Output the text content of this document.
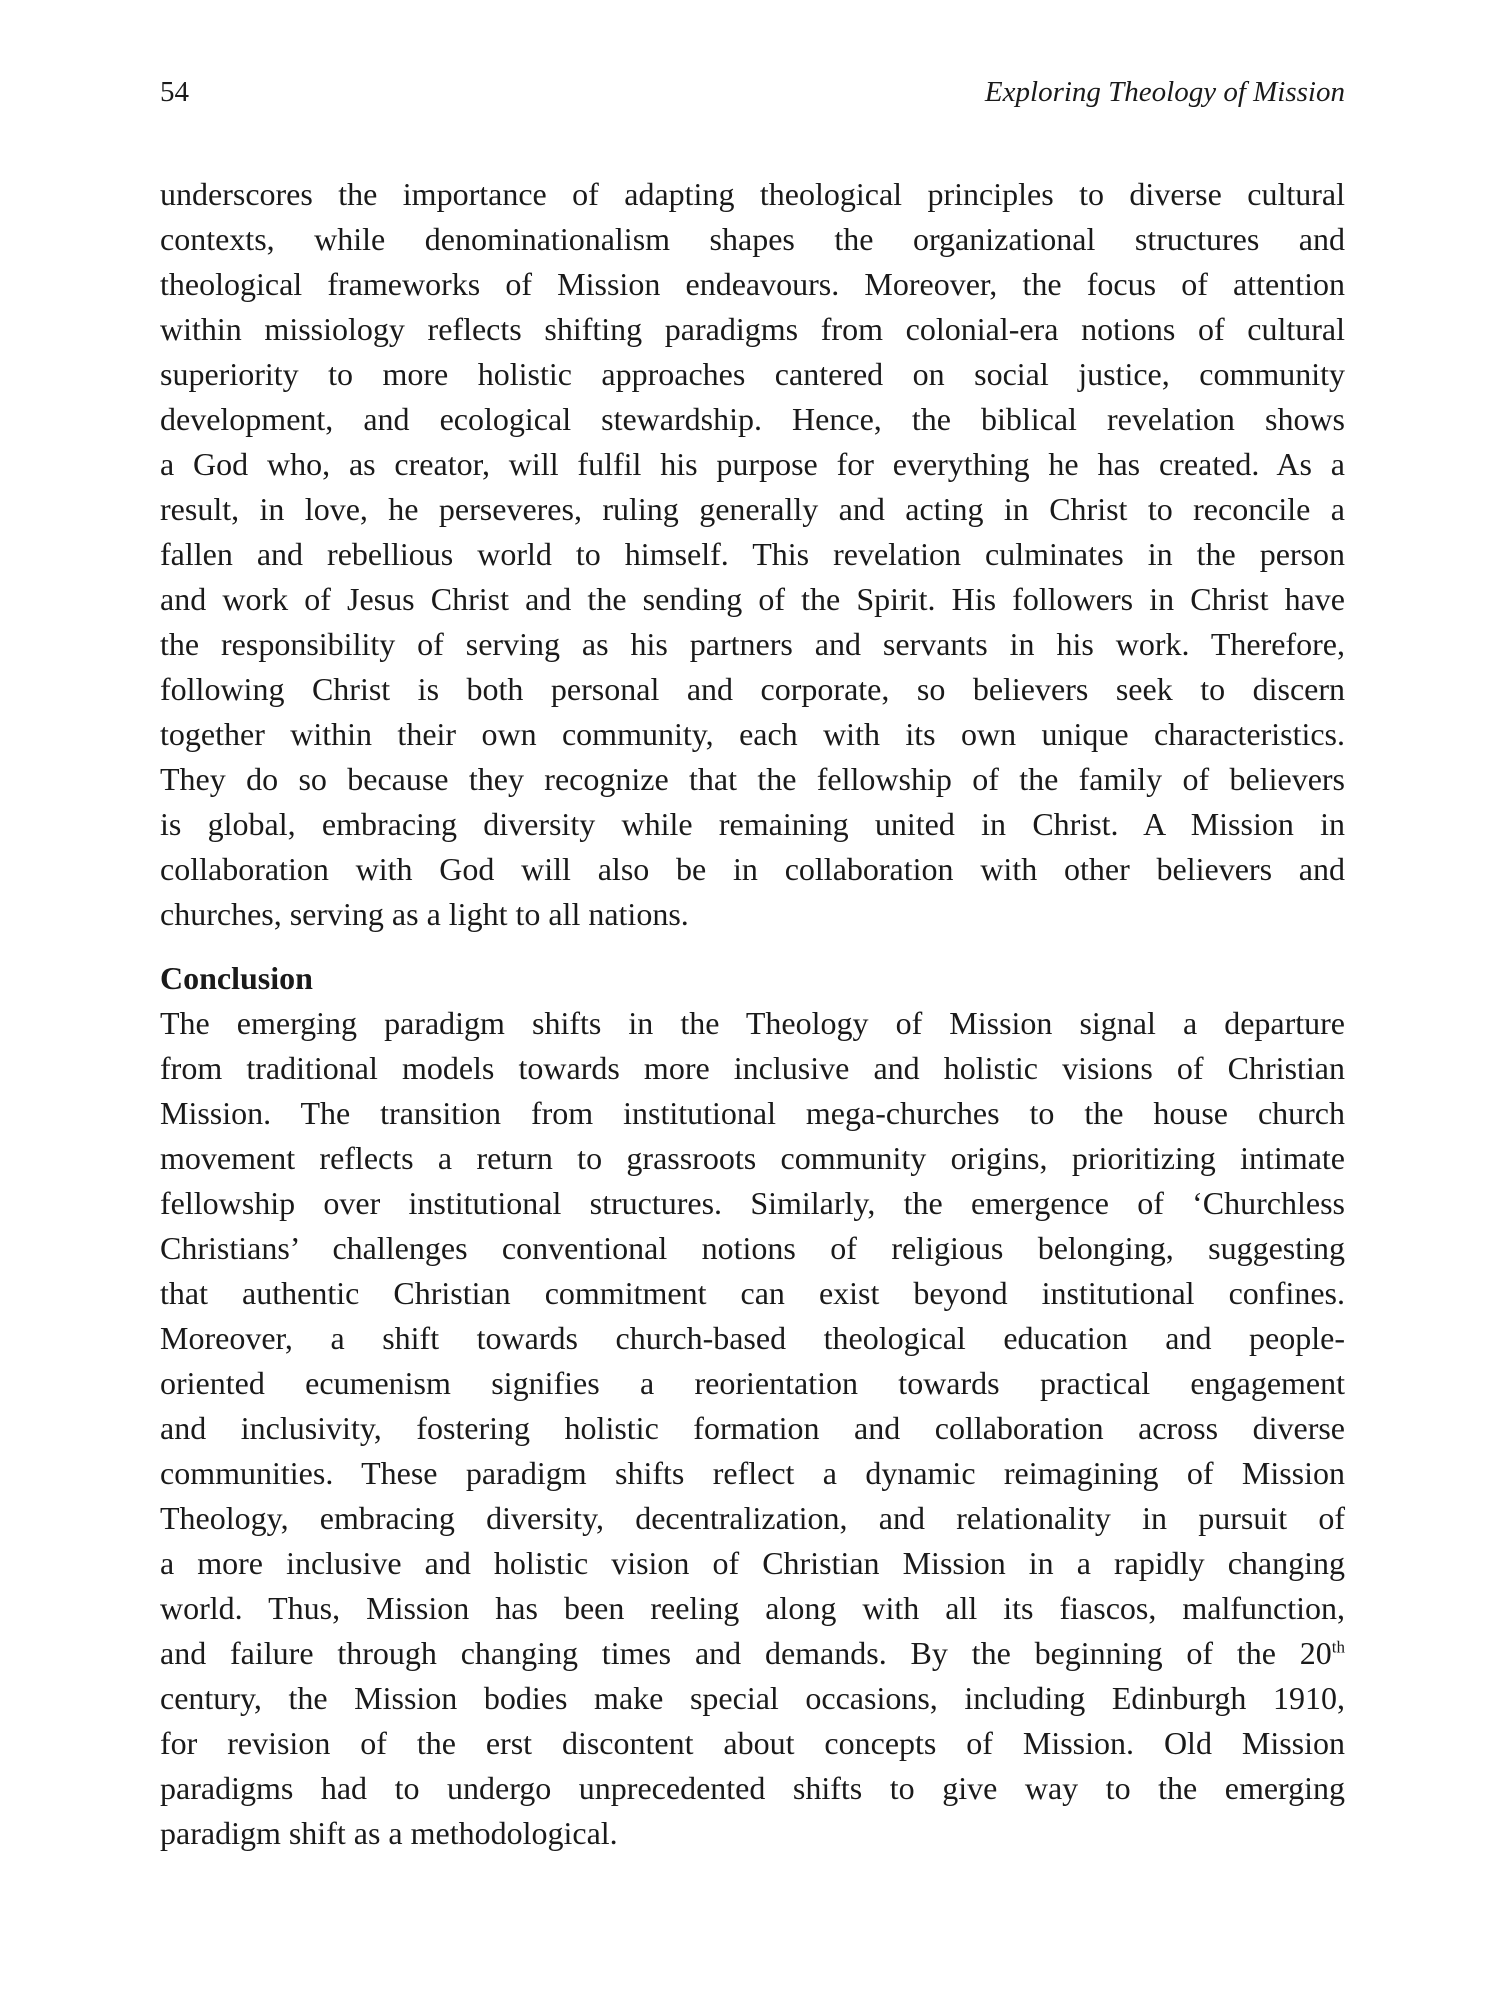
54	Exploring Theology of Mission
underscores the importance of adapting theological principles to diverse cultural
contexts, while denominationalism shapes the organizational structures and
theological frameworks of Mission endeavours. Moreover, the focus of attention
within missiology reflects shifting paradigms from colonial-era notions of cultural
superiority to more holistic approaches cantered on social justice, community
development, and ecological stewardship. Hence, the biblical revelation shows
a God who, as creator, will fulfil his purpose for everything he has created. As a
result, in love, he perseveres, ruling generally and acting in Christ to reconcile a
fallen and rebellious world to himself. This revelation culminates in the person
and work of Jesus Christ and the sending of the Spirit. His followers in Christ have
the responsibility of serving as his partners and servants in his work. Therefore,
following Christ is both personal and corporate, so believers seek to discern
together within their own community, each with its own unique characteristics.
They do so because they recognize that the fellowship of the family of believers
is global, embracing diversity while remaining united in Christ. A Mission in
collaboration with God will also be in collaboration with other believers and
churches, serving as a light to all nations.
Conclusion
The emerging paradigm shifts in the Theology of Mission signal a departure
from traditional models towards more inclusive and holistic visions of Christian
Mission. The transition from institutional mega-churches to the house church
movement reflects a return to grassroots community origins, prioritizing intimate
fellowship over institutional structures. Similarly, the emergence of ‘Churchless
Christians’ challenges conventional notions of religious belonging, suggesting
that authentic Christian commitment can exist beyond institutional confines.
Moreover, a shift towards church-based theological education and people-
oriented ecumenism signifies a reorientation towards practical engagement
and inclusivity, fostering holistic formation and collaboration across diverse
communities. These paradigm shifts reflect a dynamic reimagining of Mission
Theology, embracing diversity, decentralization, and relationality in pursuit of
a more inclusive and holistic vision of Christian Mission in a rapidly changing
world. Thus, Mission has been reeling along with all its fiascos, malfunction,
and failure through changing times and demands. By the beginning of the 20th
century, the Mission bodies make special occasions, including Edinburgh 1910,
for revision of the erst discontent about concepts of Mission. Old Mission
paradigms had to undergo unprecedented shifts to give way to the emerging
paradigm shift as a methodological.
